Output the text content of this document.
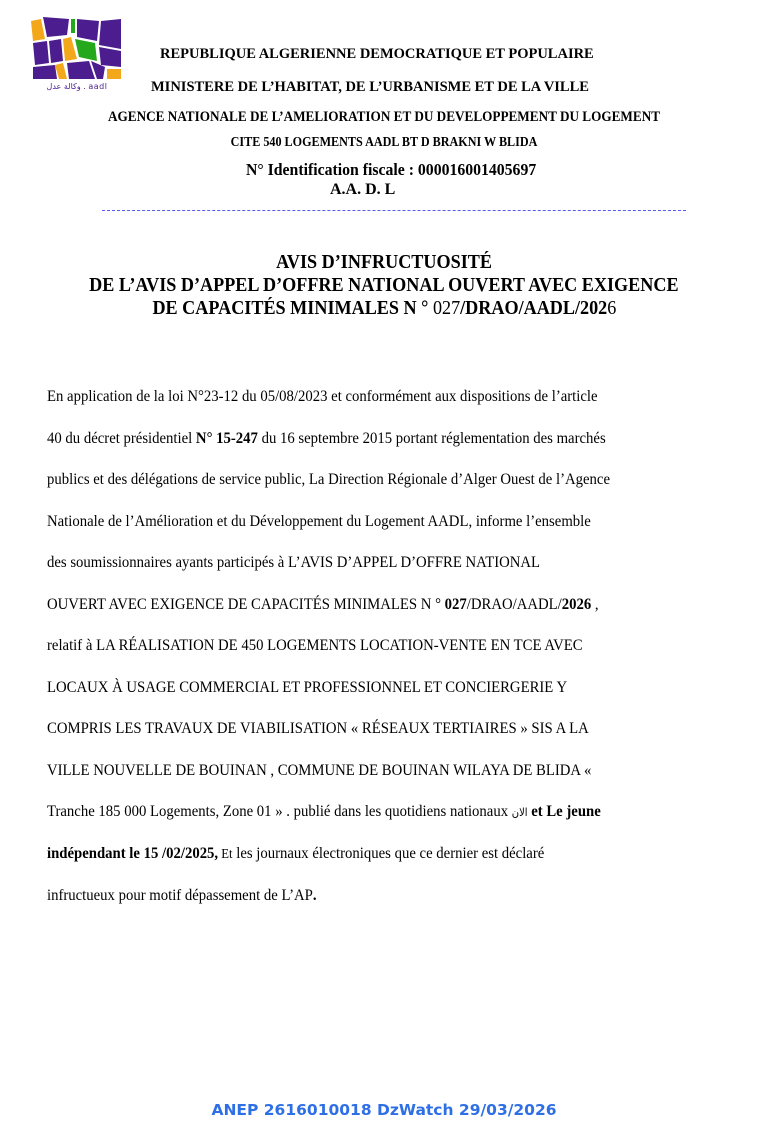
وكالة عدل . aadl
REPUBLIQUE ALGERIENNE DEMOCRATIQUE ET POPULAIRE
MINISTERE DE L’HABITAT, DE L’URBANISME ET DE LA VILLE
AGENCE NATIONALE DE L’AMELIORATION ET DU DEVELOPPEMENT DU LOGEMENT
CITE 540 LOGEMENTS AADL BT D BRAKNI W BLIDA
N° Identification fiscale : 000016001405697
A.A. D. L
AVIS D’INFRUCTUOSITÉ
DE L’AVIS D’APPEL D’OFFRE NATIONAL OUVERT AVEC EXIGENCE
DE CAPACITÉS MINIMALES N ° 027/DRAO/AADL/2026
En application de la loi N°23-12 du 05/08/2023 et conformément aux dispositions de l’article
40 du décret présidentiel N° 15-247 du 16 septembre 2015 portant réglementation des marchés
publics et des délégations de service public, La Direction Régionale d’Alger Ouest de l’Agence
Nationale de l’Amélioration et du Développement du Logement AADL, informe l’ensemble
des soumissionnaires ayants participés à L’AVIS D’APPEL D’OFFRE NATIONAL
OUVERT AVEC EXIGENCE DE CAPACITÉS MINIMALES N ° 027/DRAO/AADL/2026 ,
relatif à LA RÉALISATION DE 450 LOGEMENTS LOCATION-VENTE EN TCE AVEC
LOCAUX À USAGE COMMERCIAL ET PROFESSIONNEL ET CONCIERGERIE Y
COMPRIS LES TRAVAUX DE VIABILISATION « RÉSEAUX TERTIAIRES » SIS A LA
VILLE NOUVELLE DE BOUINAN , COMMUNE DE BOUINAN WILAYA DE BLIDA «
Tranche 185 000 Logements, Zone 01 » . publié dans les quotidiens nationaux الان et Le jeune
indépendant le 15 /02/2025, Et les journaux électroniques que ce dernier est déclaré
infructueux pour motif dépassement de L’AP.
ANEP 2616010018 DzWatch 29/03/2026
